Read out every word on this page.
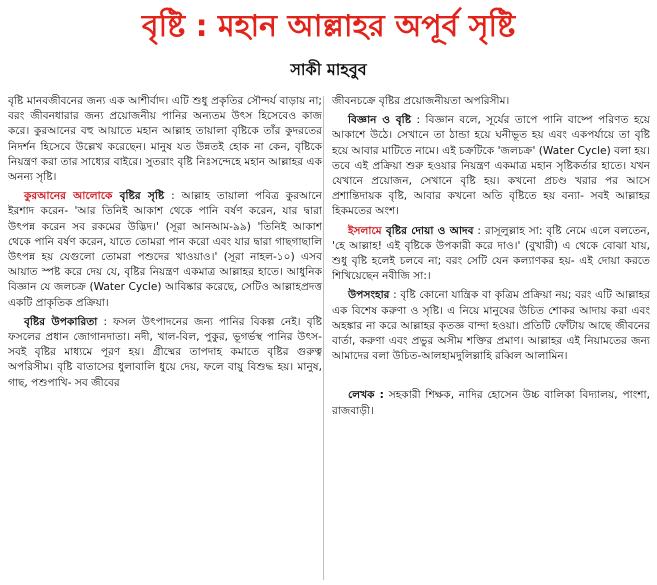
বৃষ্টি : মহান আল্লাহর অপূর্ব সৃষ্টি
সাকী মাহবুব

বৃষ্টি মানবজীবনের জন্য এক আশীর্বাদ। এটি শুধু প্রকৃতির সৌন্দর্য বাড়ায় না; বরং জীবনধারার জন্য প্রয়োজনীয় পানির অন্যতম উৎস হিসেবেও কাজ করে। কুরআনের বহু আয়াতে মহান আল্লাহ তায়ালা বৃষ্টিকে তাঁর কুদরতের নিদর্শন হিসেবে উল্লেখ করেছেন। মানুষ যত উন্নতই হোক না কেন, বৃষ্টিকে নিয়ন্ত্রণ করা তার সাধ্যের বাইরে। সুতরাং বৃষ্টি নিঃসন্দেহে মহান আল্লাহর এক অনন্য সৃষ্টি।

কুরআনের আলোকে বৃষ্টির সৃষ্টি : আল্লাহ তায়ালা পবিত্র কুরআনে ইরশাদ করেন- 'আর তিনিই আকাশ থেকে পানি বর্ষণ করেন, যার দ্বারা উৎপন্ন করেন সব রকমের উদ্ভিদ।' (সূরা আনআম-৯৯) 'তিনিই আকাশ থেকে পানি বর্ষণ করেন, যাতে তোমরা পান করো এবং যার দ্বারা গাছগাছালি উৎপন্ন হয় যেগুলো তোমরা পশুদের খাওয়াও।' (সূরা নাহল-১০) এসব আয়াত স্পষ্ট করে দেয় যে, বৃষ্টির নিয়ন্ত্রণ একমাত্র আল্লাহর হাতে। আধুনিক বিজ্ঞান যে জলচক্র (Water Cycle) আবিষ্কার করেছে, সেটিও আল্লাহপ্রদত্ত একটি প্রাকৃতিক প্রক্রিয়া।

বৃষ্টির উপকারিতা : ফসল উৎপাদনের জন্য পানির বিকল্প নেই। বৃষ্টি ফসলের প্রধান জোগানদাতা। নদী, খাল-বিল, পুকুর, ভূগর্ভস্থ পানির উৎস- সবই বৃষ্টির মাধ্যমে পূরণ হয়। গ্রীষ্মের তাপদাহ কমাতে বৃষ্টির গুরুত্ব অপরিসীম। বৃষ্টি বাতাসের ধুলাবালি ধুয়ে দেয়, ফলে বায়ু বিশুদ্ধ হয়। মানুষ, গাছ, পশুপাখি- সব জীবের

জীবনচক্রে বৃষ্টির প্রয়োজনীয়তা অপরিসীম।

বিজ্ঞান ও বৃষ্টি : বিজ্ঞান বলে, সূর্যের তাপে পানি বাষ্পে পরিণত হয়ে আকাশে উঠে। সেখানে তা ঠান্ডা হয়ে ঘনীভূত হয় এবং একপর্যায়ে তা বৃষ্টি হয়ে আবার মাটিতে নামে। এই চক্রটিকে 'জলচক্র' (Water Cycle) বলা হয়। তবে এই প্রক্রিয়া শুরু হওয়ার নিয়ন্ত্রণ একমাত্র মহান সৃষ্টিকর্তার হাতে। যখন যেখানে প্রয়োজন, সেখানে বৃষ্টি হয়। কখনো প্রচণ্ড খরার পর আসে প্রশান্তিদায়ক বৃষ্টি, আবার কখনো অতি বৃষ্টিতে হয় বন্যা- সবই আল্লাহর হিকমতের অংশ।

ইসলামে বৃষ্টির দোয়া ও আদব : রাসূলুল্লাহ সা: বৃষ্টি নেমে এলে বলতেন, 'হে আল্লাহ! এই বৃষ্টিকে উপকারী করে দাও।' (বুখারী) এ থেকে বোঝা যায়, শুধু বৃষ্টি হলেই চলবে না; বরং সেটি যেন কল্যাণকর হয়- এই দোয়া করতে শিখিয়েছেন নবীজি সা:।

উপসংহার : বৃষ্টি কোনো যান্ত্রিক বা কৃত্রিম প্রক্রিয়া নয়; বরং এটি আল্লাহর এক বিশেষ করুণা ও সৃষ্টি। এ নিয়ে মানুষের উচিত শোকর আদায় করা এবং অহঙ্কার না করে আল্লাহর কৃতজ্ঞ বান্দা হওয়া। প্রতিটি ফোঁটায় আছে জীবনের বার্তা, করুণা এবং প্রভুর অসীম শক্তির প্রমাণ। আল্লাহর এই নিয়ামতের জন্য আমাদের বলা উচিত-আলহামদুলিল্লাহি রব্বিল আলামিন।

লেখক : সহকারী শিক্ষক, নাদির হোসেন উচ্চ বালিকা বিদ্যালয়, পাংশা, রাজবাড়ী।
